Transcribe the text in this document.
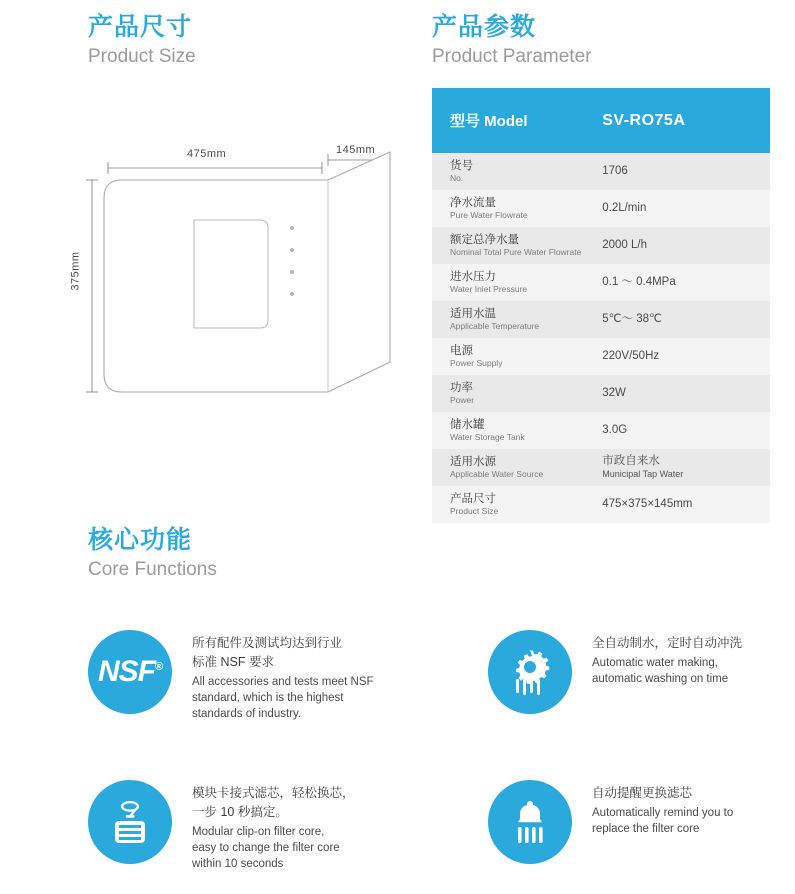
产品尺寸

Product Size

产品参数

Product Parameter

核心功能

Core Functions

475mm	145mm
375mm
型号 Model	SV-RO75A

货号
No.	1706

净水流量
Pure Water Flowrate	0.2L/min

额定总净水量
Nominal Total Pure Water Flowrate	2000 L/h

进水压力
Water Inlet Pressure	0.1 ～ 0.4MPa

适用水温
Applicable Temperature	5℃～ 38℃

电源
Power Supply	220V/50Hz

功率
Power	32W

储水罐
Water Storage Tank	3.0G

适用水源
Applicable Water Source	市政自来水
Municipal Tap Water

产品尺寸
Product Size	475×375×145mm
NSF®
所有配件及测试均达到行业
标准 NSF 要求
All accessories and tests meet NSF
standard, which is the highest
standards of industry.
全自动制水，定时自动冲洗
Automatic water making,
automatic washing on time
模块卡接式滤芯，轻松换芯，
一步 10 秒搞定。
Modular clip-on filter core,
easy to change the filter core
within 10 seconds
自动提醒更换滤芯
Automatically remind you to
replace the filter core
